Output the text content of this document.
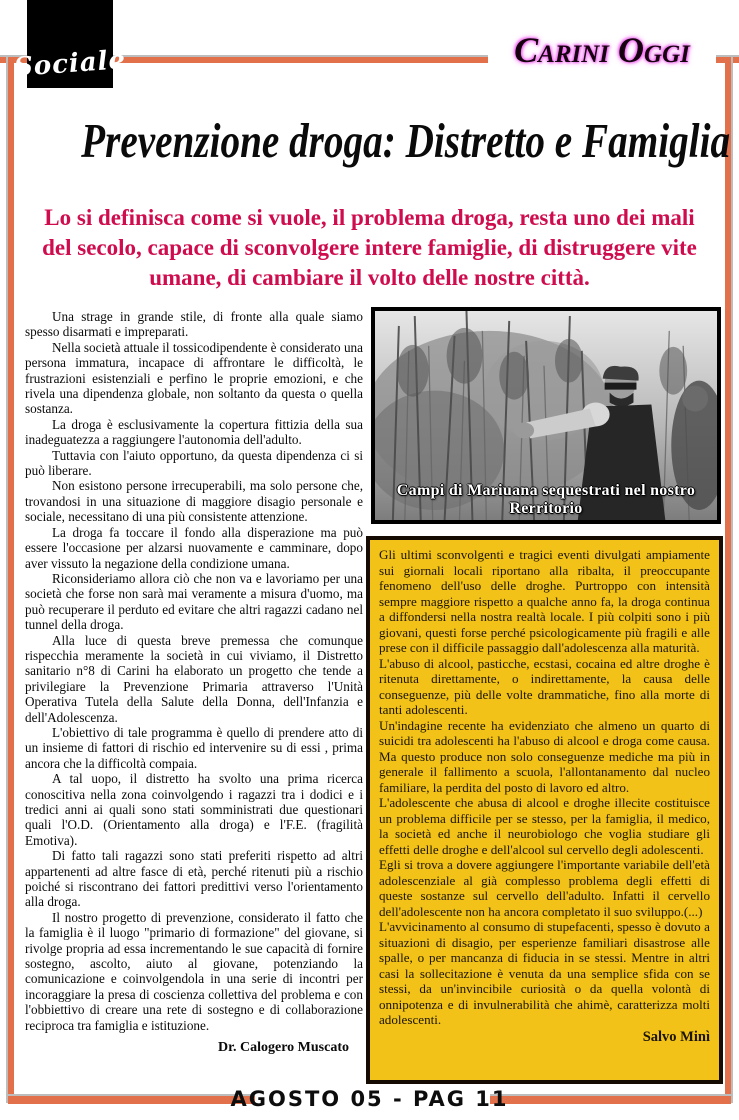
Sociale	Carini Oggi
Prevenzione droga: Distretto e Famiglia
Lo si definisca come si vuole, il problema droga, resta uno dei mali del secolo, capace di sconvolgere intere famiglie, di distruggere vite umane, di cambiare il volto delle nostre città.

Una strage in grande stile, di fronte alla quale siamo spesso disarmati e impreparati.

Nella società attuale il tossicodipendente è considerato una persona immatura, incapace di affrontare le difficoltà, le frustrazioni esistenziali e perfino le proprie emozioni, e che rivela una dipendenza globale, non soltanto da questa o quella sostanza.

La droga è esclusivamente la copertura fittizia della sua inadeguatezza a raggiungere l'autonomia dell'adulto.

Tuttavia con l'aiuto opportuno, da questa dipendenza ci si può liberare.

Non esistono persone irrecuperabili, ma solo persone che, trovandosi in una situazione di maggiore disagio personale e sociale, necessitano di una più consistente attenzione.

La droga fa toccare il fondo alla disperazione ma può essere l'occasione per alzarsi nuovamente e camminare, dopo aver vissuto la negazione della condizione umana.

Riconsideriamo allora ciò che non va e lavoriamo per una società che forse non sarà mai veramente a misura d'uomo, ma può recuperare il perduto ed evitare che altri ragazzi cadano nel tunnel della droga.

Alla luce di questa breve premessa che comunque rispecchia meramente la società in cui viviamo, il Distretto sanitario n°8 di Carini ha elaborato un progetto che tende a privilegiare la Prevenzione Primaria attraverso l'Unità Operativa Tutela della Salute della Donna, dell'Infanzia e dell'Adolescenza.

L'obiettivo di tale programma è quello di prendere atto di un insieme di fattori di rischio ed intervenire su di essi , prima ancora che la difficoltà compaia.

A tal uopo, il distretto ha svolto una prima ricerca conoscitiva nella zona coinvolgendo i ragazzi tra i dodici e i tredici anni ai quali sono stati somministrati due questionari quali l'O.D. (Orientamento alla droga) e l'F.E. (fragilità Emotiva).

Di fatto tali ragazzi sono stati preferiti rispetto ad altri appartenenti ad altre fasce di età, perché ritenuti più a rischio poiché si riscontrano dei fattori predittivi verso l'orientamento alla droga.

Il nostro progetto di prevenzione, considerato il fatto che la famiglia è il luogo "primario di formazione" del giovane, si rivolge propria ad essa incrementando le sue capacità di fornire sostegno, ascolto, aiuto al giovane, potenziando la comunicazione e coinvolgendola in una serie di incontri per incoraggiare la presa di coscienza collettiva del problema e con l'obbiettivo di creare una rete di sostegno e di collaborazione reciproca tra famiglia e istituzione.

Dr. Calogero Muscato
Campi di Mariuana sequestrati nel nostro Rerritorio

Gli ultimi sconvolgenti e tragici eventi divulgati ampiamente sui giornali locali riportano alla ribalta, il preoccupante fenomeno dell'uso delle droghe. Purtroppo con intensità sempre maggiore rispetto a qualche anno fa, la droga continua a diffondersi nella nostra realtà locale. I più colpiti sono i più giovani, questi forse perché psicologicamente più fragili e alle prese con il difficile passaggio dall'adolescenza alla maturità.

L'abuso di alcool, pasticche, ecstasi, cocaina ed altre droghe è ritenuta direttamente, o indirettamente, la causa delle conseguenze, più delle volte drammatiche, fino alla morte di tanti adolescenti.

Un'indagine recente ha evidenziato che almeno un quarto di suicidi tra adolescenti ha l'abuso di alcool e droga come causa. Ma questo produce non solo conseguenze mediche ma più in generale il fallimento a scuola, l'allontanamento dal nucleo familiare, la perdita del posto di lavoro ed altro.

L'adolescente che abusa di alcool e droghe illecite costituisce un problema difficile per se stesso, per la famiglia, il medico, la società ed anche il neurobiologo che voglia studiare gli effetti delle droghe e dell'alcool sul cervello degli adolescenti.

Egli si trova a dovere aggiungere l'importante variabile dell'età adolescenziale al già complesso problema degli effetti di queste sostanze sul cervello dell'adulto. Infatti il cervello dell'adolescente non ha ancora completato il suo sviluppo.(...)

L'avvicinamento al consumo di stupefacenti, spesso è dovuto a situazioni di disagio, per esperienze familiari disastrose alle spalle, o per mancanza di fiducia in se stessi. Mentre in altri casi la sollecitazione è venuta da una semplice sfida con se stessi, da un'invincibile curiosità o da quella volontà di onnipotenza e di invulnerabilità che ahimè, caratterizza molti adolescenti.

Salvo Minì
AGOSTO 05 - PAG 11
